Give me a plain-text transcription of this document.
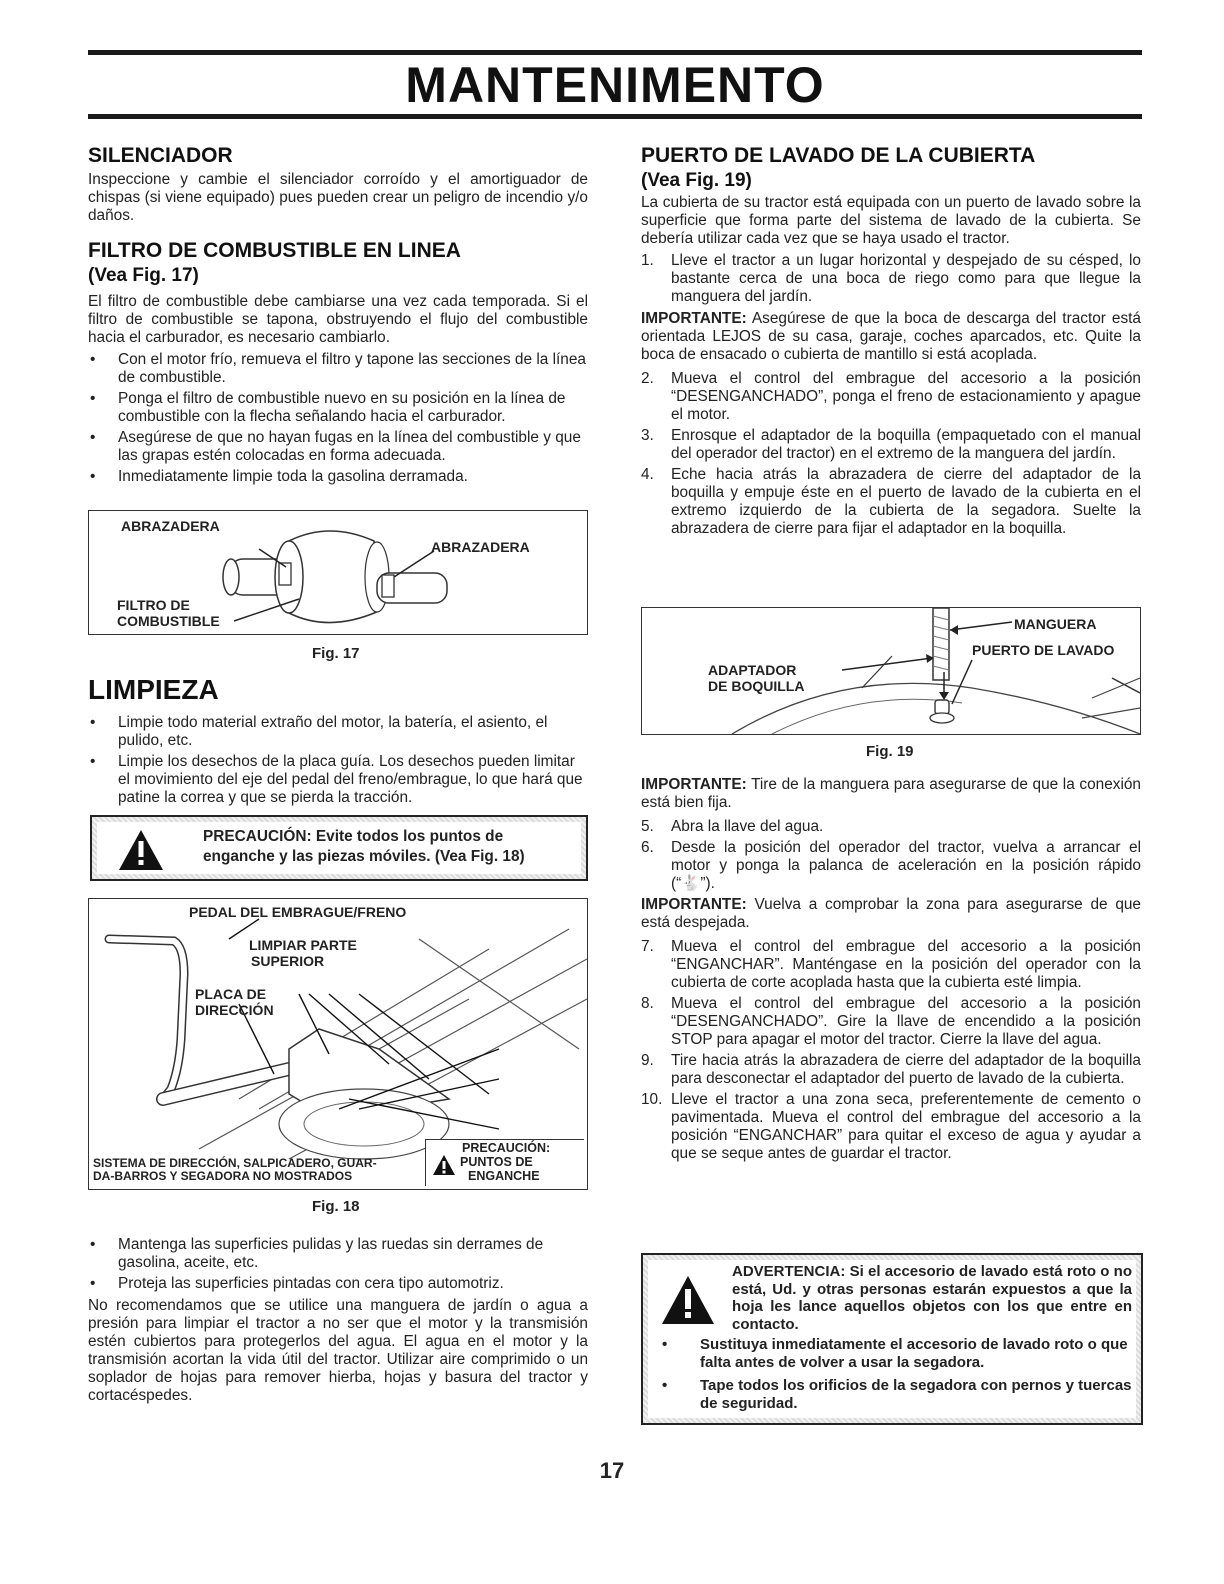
MANTENIMENTO
SILENCIADOR

Inspeccione y cambie el silenciador corroído y el amortiguador de chispas (si viene equipado) pues pueden crear un peligro de incendio y/o daños.

FILTRO DE COMBUSTIBLE EN LINEA
(Vea Fig. 17)

El filtro de combustible debe cambiarse una vez cada temporada. Si el filtro de combustible se tapona, obstruyendo el flujo del combustible hacia el carburador, es necesario cambiarlo.

• Con el motor frío, remueva el filtro y tapone las secciones de la línea de combustible.
• Ponga el filtro de combustible nuevo en su posición en la línea de combustible con la flecha señalando hacia el carburador.
• Asegúrese de que no hayan fugas en la línea del combustible y que las grapas estén colocadas en forma adecuada.
• Inmediatamente limpie toda la gasolina derramada.
ABRAZADERA
ABRAZADERA
FILTRO DE
COMBUSTIBLE
Fig. 17
LIMPIEZA
• Limpie todo material extraño del motor, la batería, el asiento, el pulido, etc.
• Limpie los desechos de la placa guía. Los desechos pueden limitar el movimiento del eje del pedal del freno/embrague, lo que hará que patine la correa y que se pierda la tracción.
PRECAUCIÓN: Evite todos los puntos de enganche y las piezas móviles. (Vea Fig. 18)
PEDAL DEL EMBRAGUE/FRENO
LIMPIAR PARTE
SUPERIOR
PLACA DE
DIRECCIÓN
SISTEMA DE DIRECCIÓN, SALPICADERO, GUAR-
DA-BARROS Y SEGADORA NO MOSTRADOS
PRECAUCIÓN:
PUNTOS DE
ENGANCHE
Fig. 18
• Mantenga las superficies pulidas y las ruedas sin derrames de gasolina, aceite, etc.
• Proteja las superficies pintadas con cera tipo automotriz.

No recomendamos que se utilice una manguera de jardín o agua a presión para limpiar el tractor a no ser que el motor y la transmisión estén cubiertos para protegerlos del agua. El agua en el motor y la transmisión acortan la vida útil del tractor. Utilizar aire comprimido o un soplador de hojas para remover hierba, hojas y basura del tractor y cortacéspedes.

PUERTO DE LAVADO DE LA CUBIERTA
(Vea Fig. 19)

La cubierta de su tractor está equipada con un puerto de lavado sobre la superficie que forma parte del sistema de lavado de la cubierta. Se debería utilizar cada vez que se haya usado el tractor.

1. Lleve el tractor a un lugar horizontal y despejado de su césped, lo bastante cerca de una boca de riego como para que llegue la manguera del jardín.

IMPORTANTE: Asegúrese de que la boca de descarga del tractor está orientada LEJOS de su casa, garaje, coches aparcados, etc. Quite la boca de ensacado o cubierta de mantillo si está acoplada.

2. Mueva el control del embrague del accesorio a la posición “DESENGANCHADO”, ponga el freno de estacionamiento y apague el motor.
3. Enrosque el adaptador de la boquilla (empaquetado con el manual del operador del tractor) en el extremo de la manguera del jardín.
4. Eche hacia atrás la abrazadera de cierre del adaptador de la boquilla y empuje éste en el puerto de lavado de la cubierta en el extremo izquierdo de la cubierta de la segadora. Suelte la abrazadera de cierre para fijar el adaptador en la boquilla.
MANGUERA
PUERTO DE LAVADO
ADAPTADOR
DE BOQUILLA
Fig. 19

IMPORTANTE: Tire de la manguera para asegurarse de que la conexión está bien fija.

5. Abra la llave del agua.
6. Desde la posición del operador del tractor, vuelva a arrancar el motor y ponga la palanca de aceleración en la posición rápido (“🐇”).

IMPORTANTE: Vuelva a comprobar la zona para asegurarse de que está despejada.

7. Mueva el control del embrague del accesorio a la posición “ENGANCHAR”. Manténgase en la posición del operador con la cubierta de corte acoplada hasta que la cubierta esté limpia.
8. Mueva el control del embrague del accesorio a la posición “DESENGANCHADO”. Gire la llave de encendido a la posición STOP para apagar el motor del tractor. Cierre la llave del agua.
9. Tire hacia atrás la abrazadera de cierre del adaptador de la boquilla para desconectar el adaptador del puerto de lavado de la cubierta.
10. Lleve el tractor a una zona seca, preferentemente de cemento o pavimentada. Mueva el control del embrague del accesorio a la posición “ENGANCHAR” para quitar el exceso de agua y ayudar a que se seque antes de guardar el tractor.
ADVERTENCIA: Si el accesorio de lavado está roto o no está, Ud. y otras personas estarán expuestos a que la hoja les lance aquellos objetos con los que entre en contacto.
• Sustituya inmediatamente el accesorio de lavado roto o que falta antes de volver a usar la segadora.
• Tape todos los orificios de la segadora con pernos y tuercas de seguridad.
17
